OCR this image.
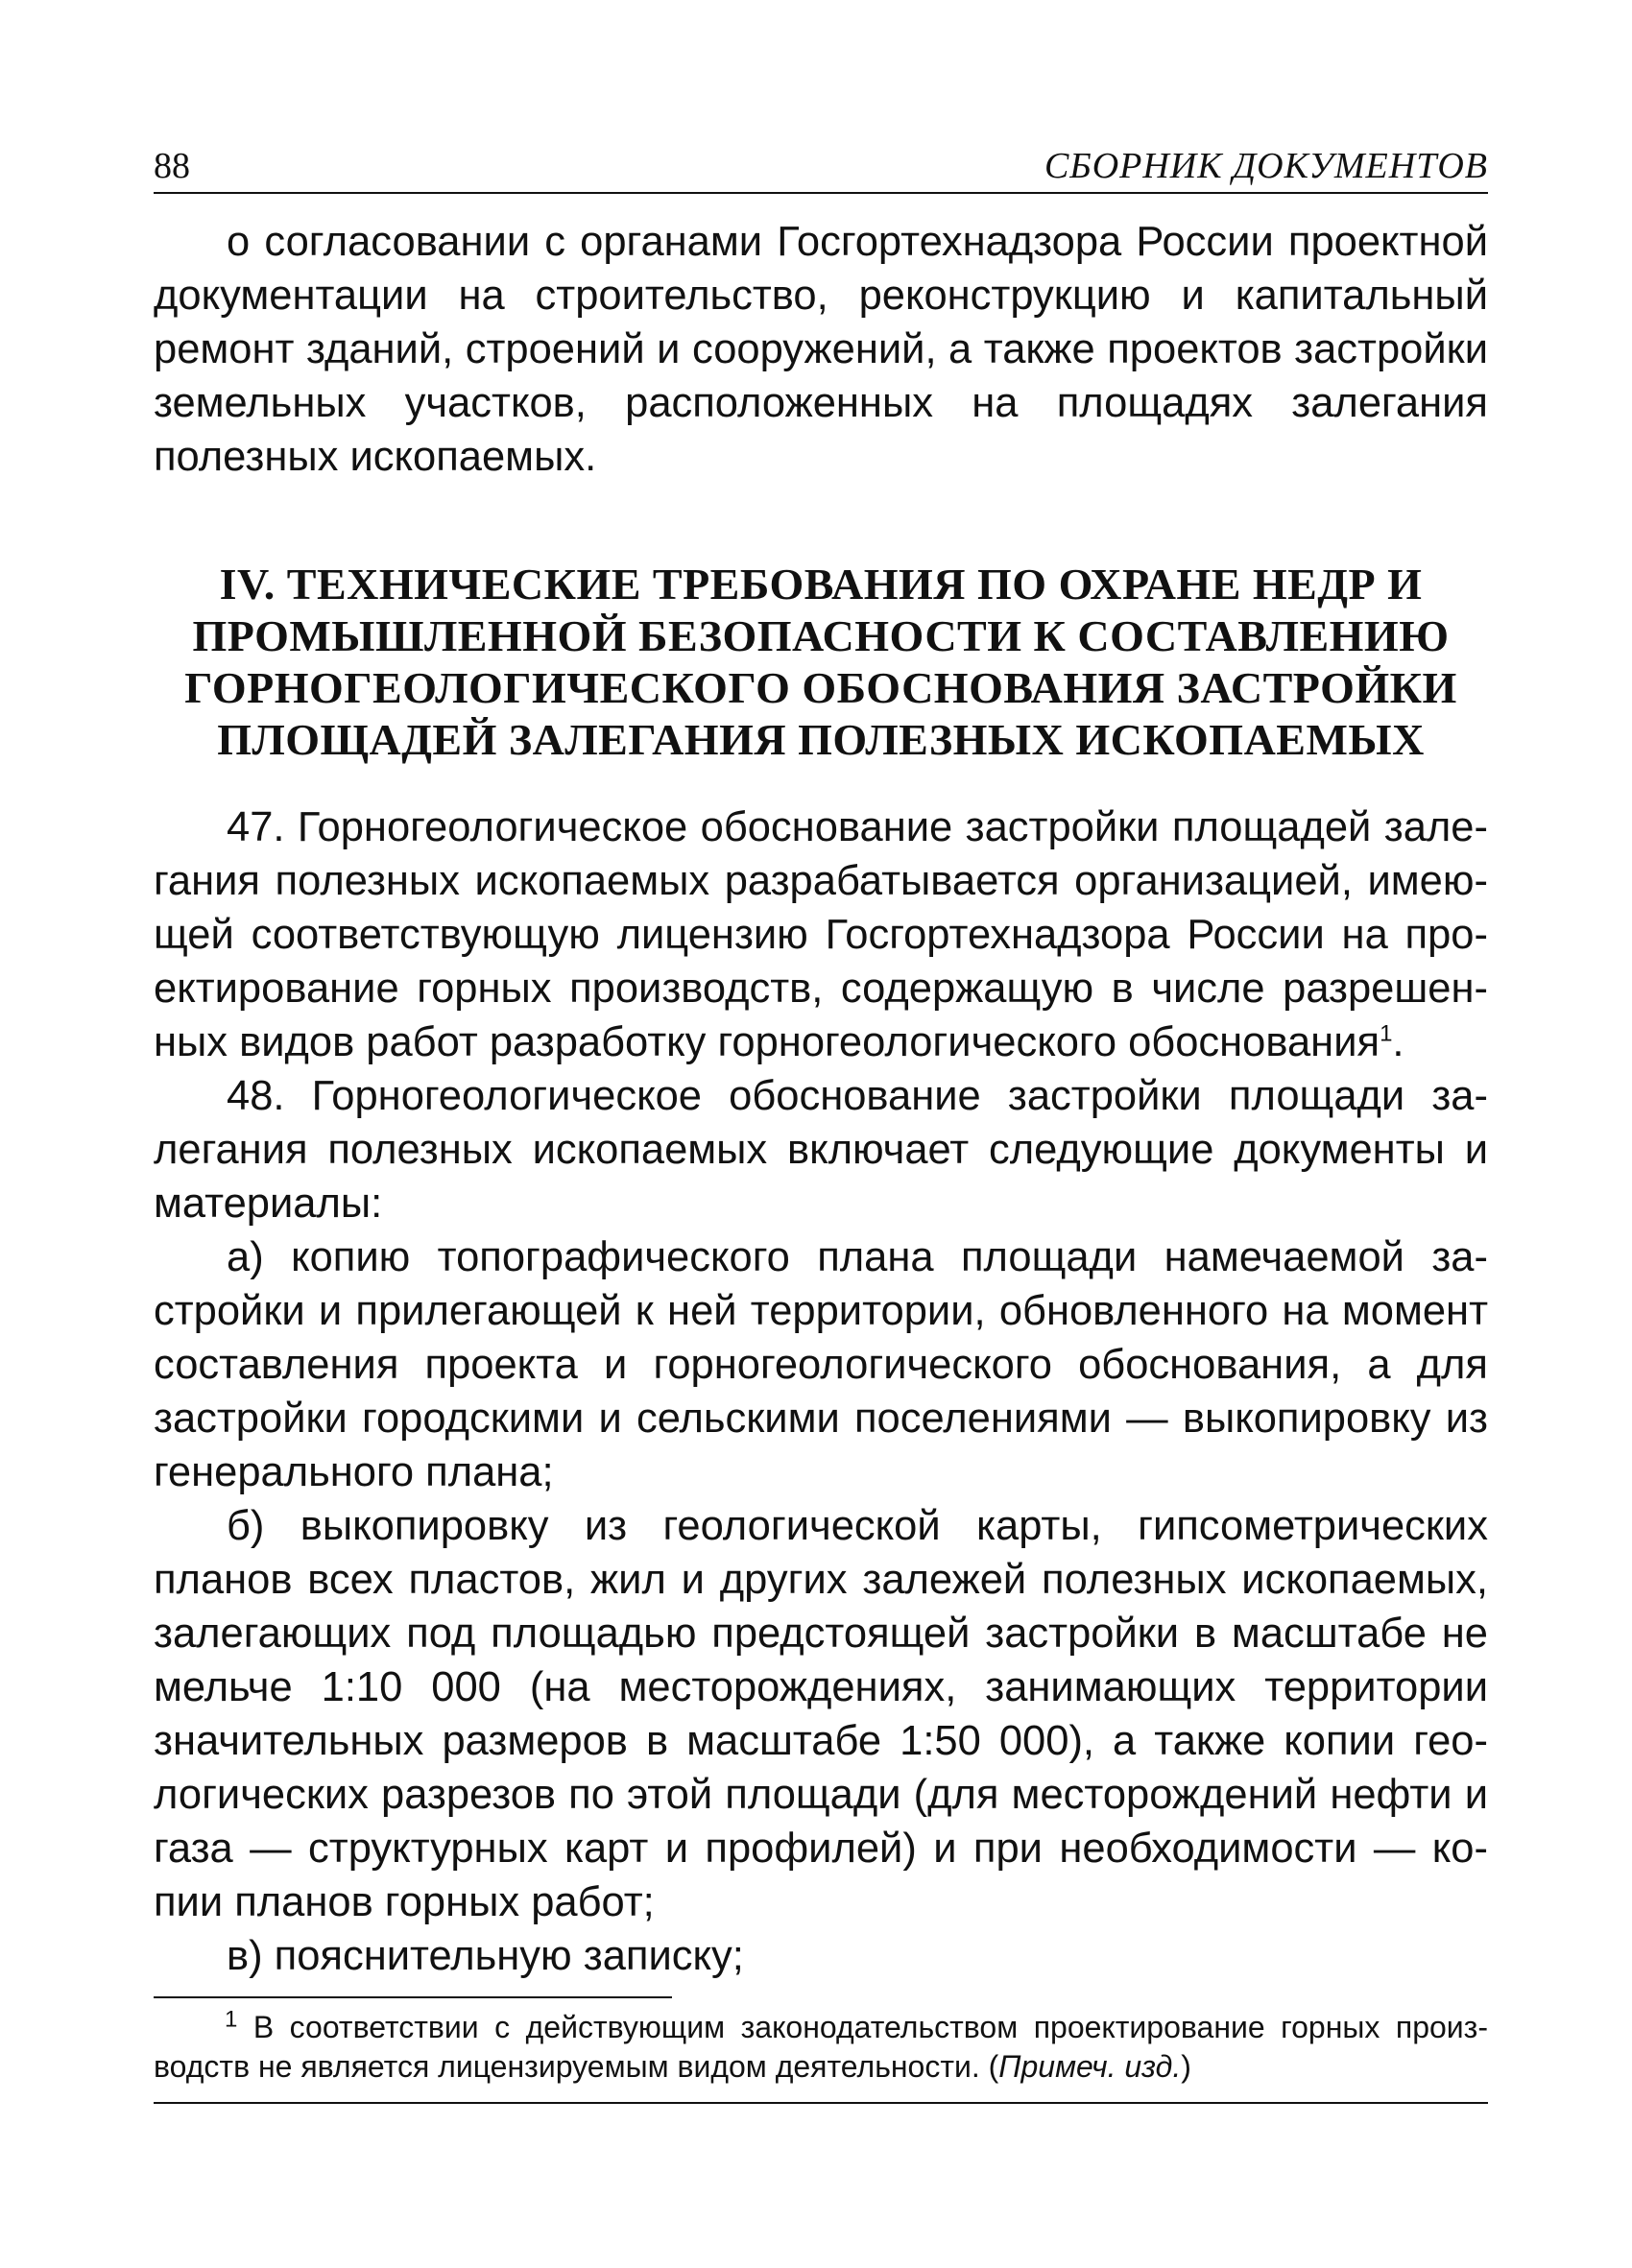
88	СБОРНИК ДОКУМЕНТОВ

о согласовании с органами Госгортехнадзора России проектной документации на строительство, реконструкцию и капитальный ремонт зданий, строений и сооружений, а также проектов застройки земельных участков, расположенных на площадях залегания полезных ископаемых.

IV. ТЕХНИЧЕСКИЕ ТРЕБОВАНИЯ ПО ОХРАНЕ НЕДР И ПРОМЫШЛЕННОЙ БЕЗОПАСНОСТИ К СОСТАВЛЕНИЮ ГОРНОГЕОЛОГИЧЕСКОГО ОБОСНОВАНИЯ ЗАСТРОЙКИ ПЛОЩАДЕЙ ЗАЛЕГАНИЯ ПОЛЕЗНЫХ ИСКОПАЕМЫХ

47. Горногеологическое обоснование застройки площадей залегания полезных ископаемых разрабатывается организацией, имеющей соответствующую лицензию Госгортехнадзора России на проектирование горных производств, содержащую в числе разрешенных видов работ разработку горногеологического обоснования$^1$.

48. Горногеологическое обоснование застройки площади залегания полезных ископаемых включает следующие документы и материалы:

а) копию топографического плана площади намечаемой застройки и прилегающей к ней территории, обновленного на момент составления проекта и горногеологического обоснования, а для застройки городскими и сельскими поселениями — выкопировку из генерального плана;

б) выкопировку из геологической карты, гипсометрических планов всех пластов, жил и других залежей полезных ископаемых, залегающих под площадью предстоящей застройки в масштабе не мельче 1:10 000 (на месторождениях, занимающих территории значительных размеров в масштабе 1:50 000), а также копии геологических разрезов по этой площади (для месторождений нефти и газа — структурных карт и профилей) и при необходимости — копии планов горных работ;

в) пояснительную записку;

$^1$ В соответствии с действующим законодательством проектирование горных производств не является лицензируемым видом деятельности. (Примеч. изд.)
